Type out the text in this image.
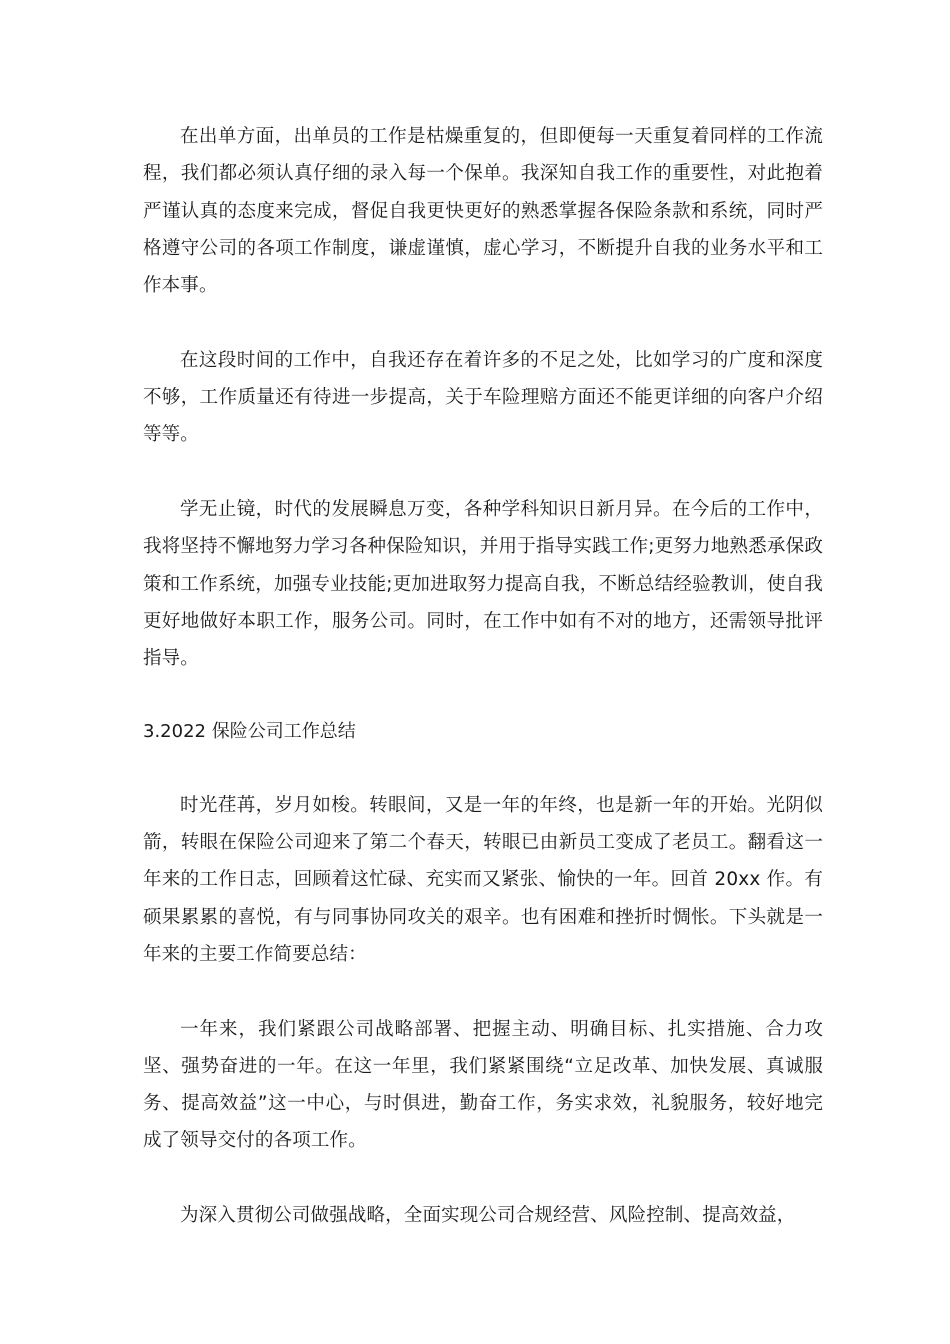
在出单方面，出单员的工作是枯燥重复的，但即便每一天重复着同样的工作流程，我们都必须认真仔细的录入每一个保单。我深知自我工作的重要性，对此抱着严谨认真的态度来完成，督促自我更快更好的熟悉掌握各保险条款和系统，同时严格遵守公司的各项工作制度，谦虚谨慎，虚心学习，不断提升自我的业务水平和工作本事。

在这段时间的工作中，自我还存在着许多的不足之处，比如学习的广度和深度不够，工作质量还有待进一步提高，关于车险理赔方面还不能更详细的向客户介绍等等。

学无止镜，时代的发展瞬息万变，各种学科知识日新月异。在今后的工作中，我将坚持不懈地努力学习各种保险知识，并用于指导实践工作;更努力地熟悉承保政策和工作系统，加强专业技能;更加进取努力提高自我，不断总结经验教训，使自我更好地做好本职工作，服务公司。同时，在工作中如有不对的地方，还需领导批评指导。

3.2022 保险公司工作总结

时光荏苒，岁月如梭。转眼间，又是一年的年终，也是新一年的开始。光阴似箭，转眼在保险公司迎来了第二个春天，转眼已由新员工变成了老员工。翻看这一年来的工作日志，回顾着这忙碌、充实而又紧张、愉快的一年。回首 20xx 作。有硕果累累的喜悦，有与同事协同攻关的艰辛。也有困难和挫折时惆怅。下头就是一年来的主要工作简要总结：

一年来，我们紧跟公司战略部署、把握主动、明确目标、扎实措施、合力攻坚、强势奋进的一年。在这一年里，我们紧紧围绕“立足改革、加快发展、真诚服务、提高效益”这一中心，与时俱进，勤奋工作，务实求效，礼貌服务，较好地完成了领导交付的各项工作。

为深入贯彻公司做强战略，全面实现公司合规经营、风险控制、提高效益，
